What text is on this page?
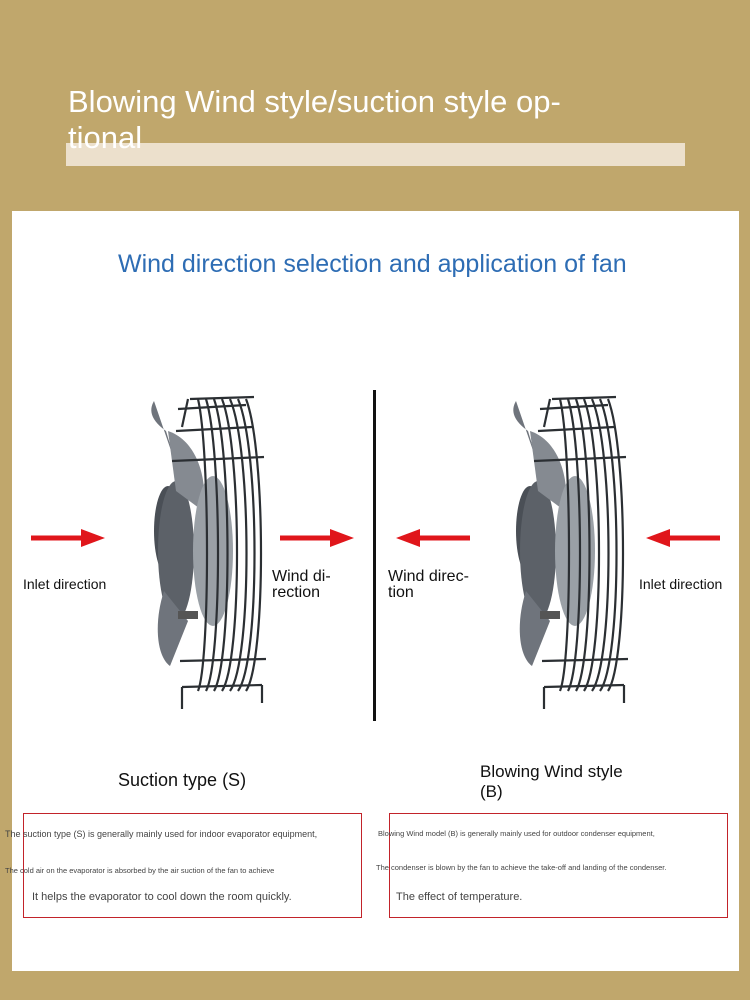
Blowing Wind style/suction style op-
tional
Wind direction selection and application of fan
Inlet direction	Wind di-
rection
Wind direc-
tion	Inlet direction
Suction type (S)	Blowing Wind style
(B)
The suction type (S) is generally mainly used for indoor evaporator equipment,
The cold air on the evaporator is absorbed by the air suction of the fan to achieve
It helps the evaporator to cool down the room quickly.
Blowing Wind model (B) is generally mainly used for outdoor condenser equipment,
The condenser is blown by the fan to achieve the take-off and landing of the condenser.
The effect of temperature.
